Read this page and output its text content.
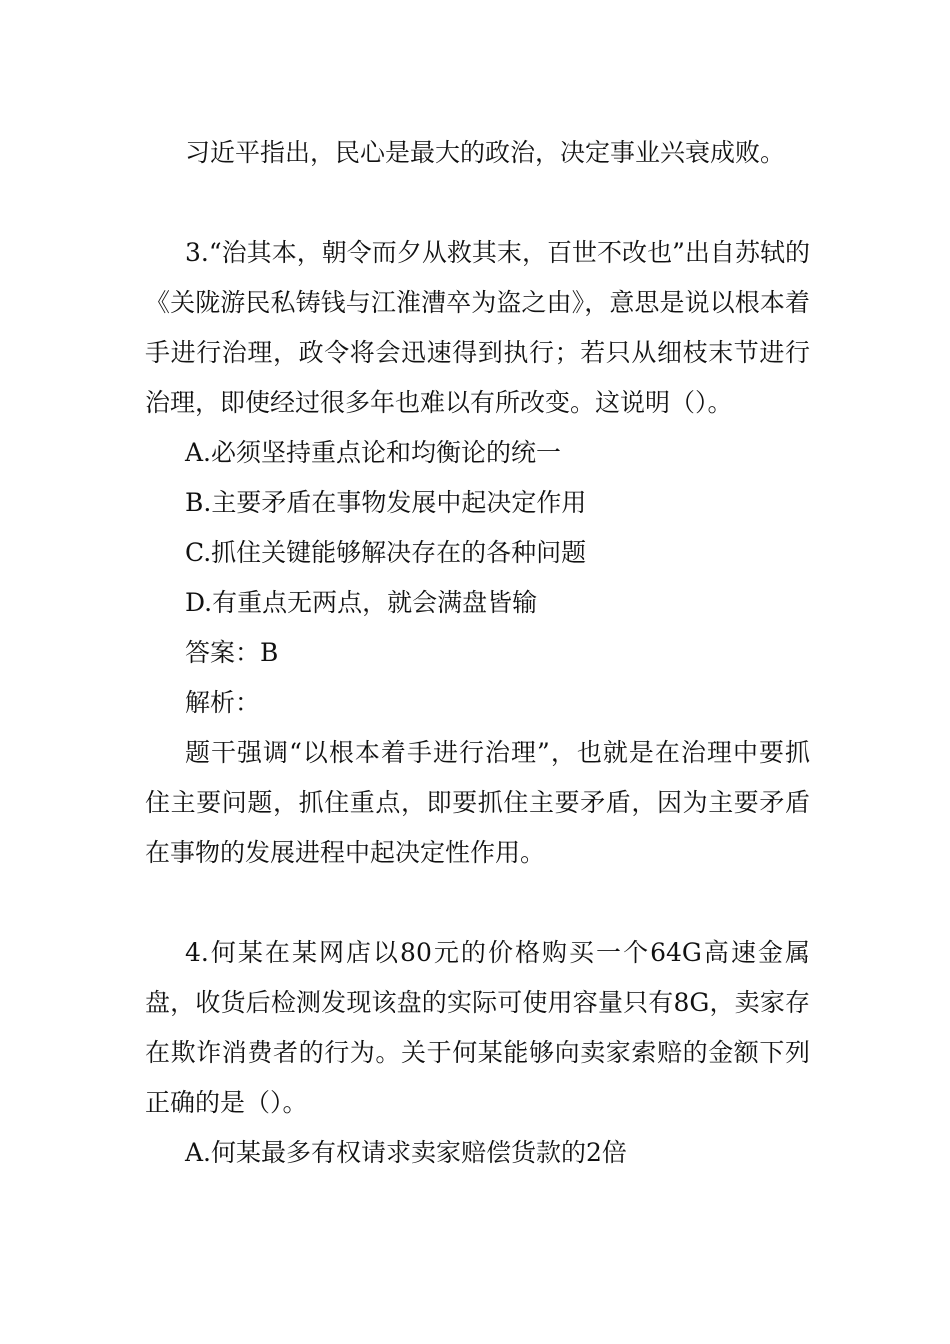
习近平指出，民心是最大的政治，决定事业兴衰成败。

3.“治其本，朝令而夕从救其末，百世不改也”出自苏轼的《关陇游民私铸钱与江淮漕卒为盗之由》，意思是说以根本着手进行治理，政令将会迅速得到执行；若只从细枝末节进行治理，即使经过很多年也难以有所改变。这说明（）。

A.必须坚持重点论和均衡论的统一

B.主要矛盾在事物发展中起决定作用

C.抓住关键能够解决存在的各种问题

D.有重点无两点，就会满盘皆输

答案：B

解析：

题干强调“以根本着手进行治理”，也就是在治理中要抓住主要问题，抓住重点，即要抓住主要矛盾，因为主要矛盾在事物的发展进程中起决定性作用。

4.何某在某网店以80元的价格购买一个64G高速金属盘，收货后检测发现该盘的实际可使用容量只有8G，卖家存在欺诈消费者的行为。关于何某能够向卖家索赔的金额下列正确的是（）。

A.何某最多有权请求卖家赔偿货款的2倍
